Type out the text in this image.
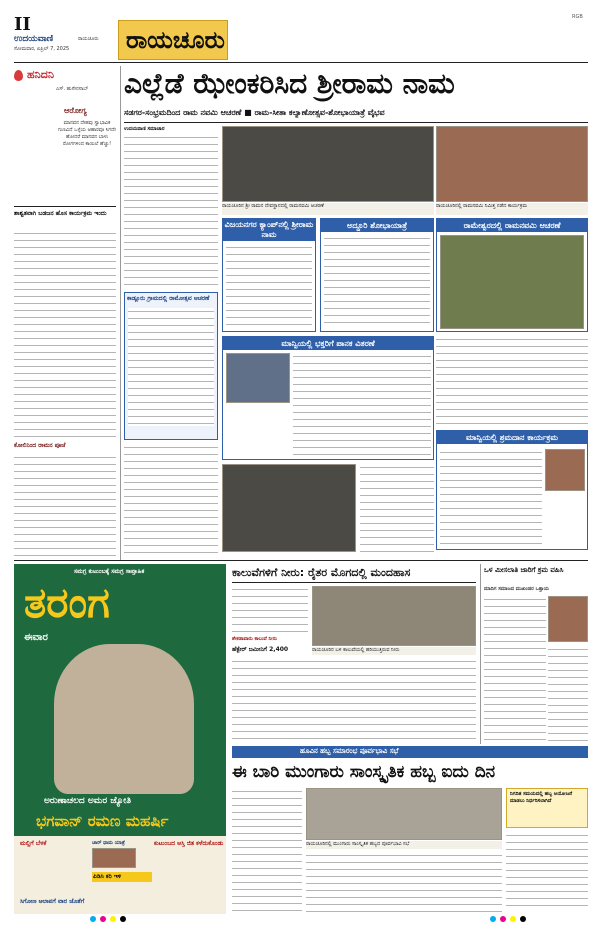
II
ಉದಯವಾಣಿ	ರಾಯಚೂರು
ಸೋಮವಾರ, ಏಪ್ರಿಲ್ 7, 2025 ರಾಯಚೂರು
RGB
ಹನಿದನಿ
ಎಸ್. ಹುಸೇನಸಾಬ್
ಆರೋಗ್ಯ
ಮಾನವನ ದೇಹವು ಸ್ವಾಭಾವಿಕ ಗುಣವಿದೆ ಒಳ್ಳೆಯ ಆಹಾರವೂ ಸಿಗದೇ ಹೋದರೆ ಮಾನವನ ಬಾಳು ರೋಗಗಳಿಂದ ಕಾಯಿಲೆ ಹೆಚ್ಚು!
ಶಾಶ್ವತವಾಗಿ ಬಡಜನ ಹೊಸ ಕಾರ್ಯಕ್ರಮ ಇಂದು
ಕೋಲಿನಿಂದ ರಾಮನ ಪೂಜೆ
ಎಲ್ಲೆಡೆ ಝೇಂಕರಿಸಿದ ಶ್ರೀರಾಮ ನಾಮ
ಸಡಗರ-ಸಂಭ್ರಮದಿಂದ ರಾಮ ನವಮಿ ಆಚರಣೆ ■ ರಾಮ-ಸೀತಾ ಕಲ್ಯಾಣೋತ್ಸವ-ಶೋಭಾಯಾತ್ರೆ ವೈಭವ
ಉದಯವಾಣಿ ಸಮಾಚಾರ
ರಾಯಚೂರಿನ ಶ್ರೀ ರಾಮನ ದೇವಸ್ಥಾನದಲ್ಲಿ ರಾಮನವಮಿ ಆಚರಣೆ	ರಾಯಚೂರಿನಲ್ಲಿ ರಾಮನವಮಿ ನಿಮಿತ್ತ ನಡೆದ ಕಾರ್ಯಕ್ರಮ
ವಿಜಯನಗರ ಕ್ಯಾಂಪ್‌ನಲ್ಲಿ ಶ್ರೀರಾಮ ನಾಮ
ಅದ್ದೂರಿ ಶೋಭಾಯಾತ್ರೆ	ರಾಮೇಶ್ವರದಲ್ಲಿ ರಾಮನವಮಿ ಆಚರಣೆ
ಕಾಡ್ಲೂರು ಗ್ರಾಮದಲ್ಲಿ ರಾಮೋತ್ಸವ ಆಚರಣೆ
ಮಾನ್ವಿಯಲ್ಲಿ ಭಕ್ತರಿಗೆ ಪಾನಕ ವಿತರಣೆ
ಮಾನ್ವಿಯಲ್ಲಿ ಶ್ರಮದಾನ ಕಾರ್ಯಕ್ರಮ
ಸಮಗ್ರ ಕುಟುಂಬಕ್ಕೆ ಸಮಗ್ರ ಸಾಪ್ತಾಹಿಕ
ತರಂಗ
ಈವಾರ
ಅರುಣಾಚಲದ ಅಮರ ಜ್ಯೋತಿ
ಭಗವಾನ್ ರಮಣ ಮಹರ್ಷಿ
ಮಲ್ಲಿಗೆ ಬೆಳಕೆ	ಚಾರ್ ಧಾಮ ಯಾತ್ರೆ	ಕುಟುಂಬದ ಆಸ್ತಿ ಜಿತ ಕಳೆದುಕೊಂಡು
ಪಿಡಿಸಿ ಕರಿ ಇಳಿ
ಸಿಗೋಣ ಆಲಾಪಗೆ ವಾರ ಜೊತೆಗೆ
ಕಾಲುವೆಗಳಿಗೆ ನೀರು: ರೈತರ ಮೊಗದಲ್ಲಿ ಮಂದಹಾಸ
ಶೇಕಡಾವಾರು ಕಾಲುವೆ ನೀರು
ಹೆಕ್ಟೇರ್ ಜಮೀನಿಗೆ 2,400	ರಾಯಚೂರಿನ ಬಳಿ ಕಾಲುವೆಯಲ್ಲಿ ಹರಿಯುತ್ತಿರುವ ನೀರು
ಒಳ ಮೀಸಲಾತಿ ಜಾರಿಗೆ ಕ್ರಮ ವಹಿಸಿ
ಮಾದಿಗ ಸಮಾಜದ ಮುಖಂಡರ ಒತ್ತಾಯ
ಹೂವಿನ ಹಬ್ಬ ಸಮಾರಂಭ ಪೂರ್ವಭಾವಿ ಸಭೆ
ಈ ಬಾರಿ ಮುಂಗಾರು ಸಾಂಸ್ಕೃತಿಕ ಹಬ್ಬ ಐದು ದಿನ
ರಾಯಚೂರಿನಲ್ಲಿ ಮುಂಗಾರು ಸಾಂಸ್ಕೃತಿಕ ಹಬ್ಬದ ಪೂರ್ವಭಾವಿ ಸಭೆ
ನಿಗದಿತ ಸಮಯದಲ್ಲಿ ಹಬ್ಬ ಆಯೋಜನೆ ಮಾಡಲು ನಿರ್ಧರಿಸಲಾಗಿದೆ
